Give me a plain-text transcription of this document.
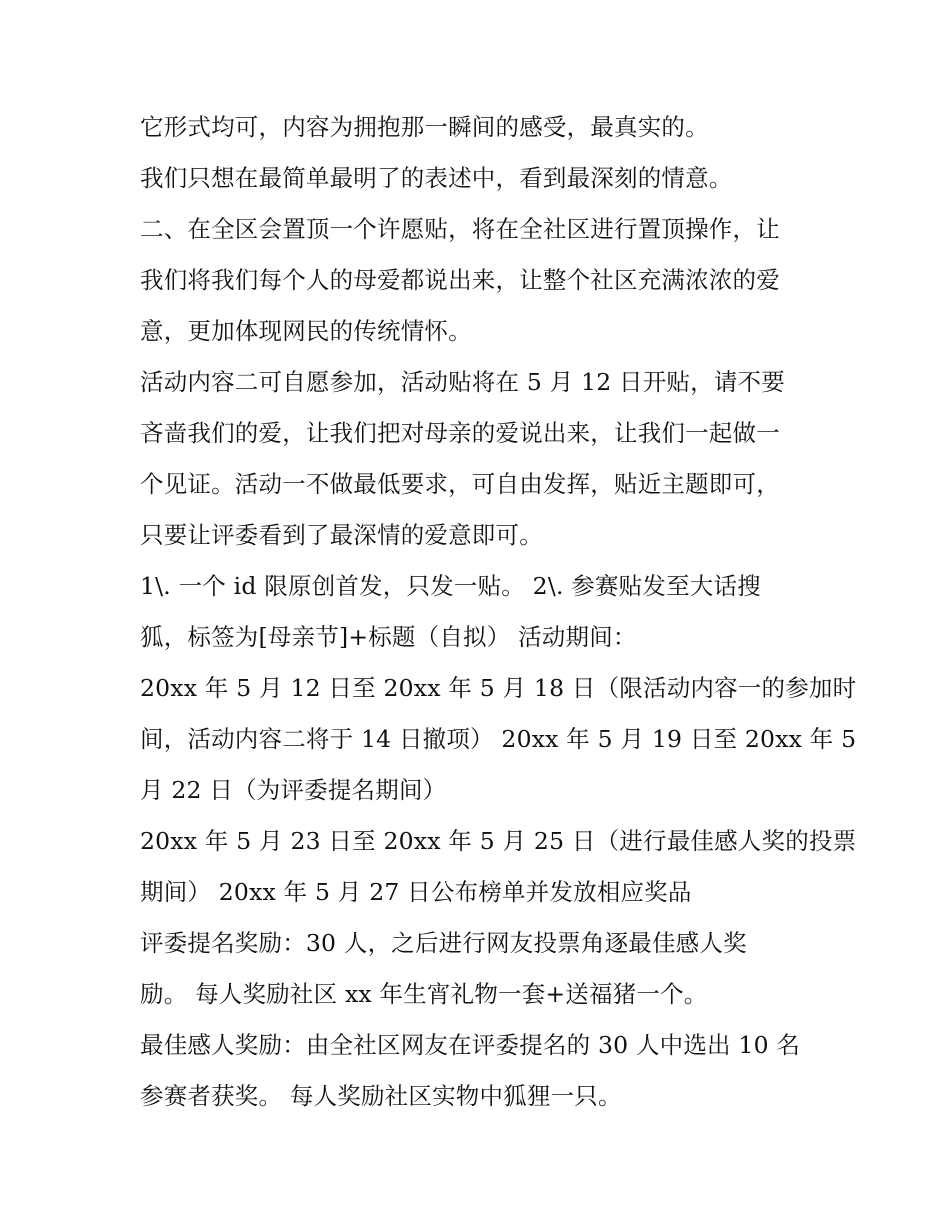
它形式均可，内容为拥抱那一瞬间的感受，最真实的。
我们只想在最简单最明了的表述中，看到最深刻的情意。
二、在全区会置顶一个许愿贴，将在全社区进行置顶操作，让
我们将我们每个人的母爱都说出来，让整个社区充满浓浓的爱
意，更加体现网民的传统情怀。
活动内容二可自愿参加，活动贴将在 5 月 12 日开贴，请不要
吝啬我们的爱，让我们把对母亲的爱说出来，让我们一起做一
个见证。活动一不做最低要求，可自由发挥，贴近主题即可，
只要让评委看到了最深情的爱意即可。
1\. 一个 id 限原创首发，只发一贴。 2\. 参赛贴发至大话搜
狐，标签为[母亲节]+标题（自拟） 活动期间：
20xx 年 5 月 12 日至 20xx 年 5 月 18 日（限活动内容一的参加时
间，活动内容二将于 14 日撤项） 20xx 年 5 月 19 日至 20xx 年 5
月 22 日（为评委提名期间）
20xx 年 5 月 23 日至 20xx 年 5 月 25 日（进行最佳感人奖的投票
期间） 20xx 年 5 月 27 日公布榜单并发放相应奖品
评委提名奖励：30 人，之后进行网友投票角逐最佳感人奖
励。 每人奖励社区 xx 年生宵礼物一套+送福猪一个。
最佳感人奖励：由全社区网友在评委提名的 30 人中选出 10 名
参赛者获奖。 每人奖励社区实物中狐狸一只。
